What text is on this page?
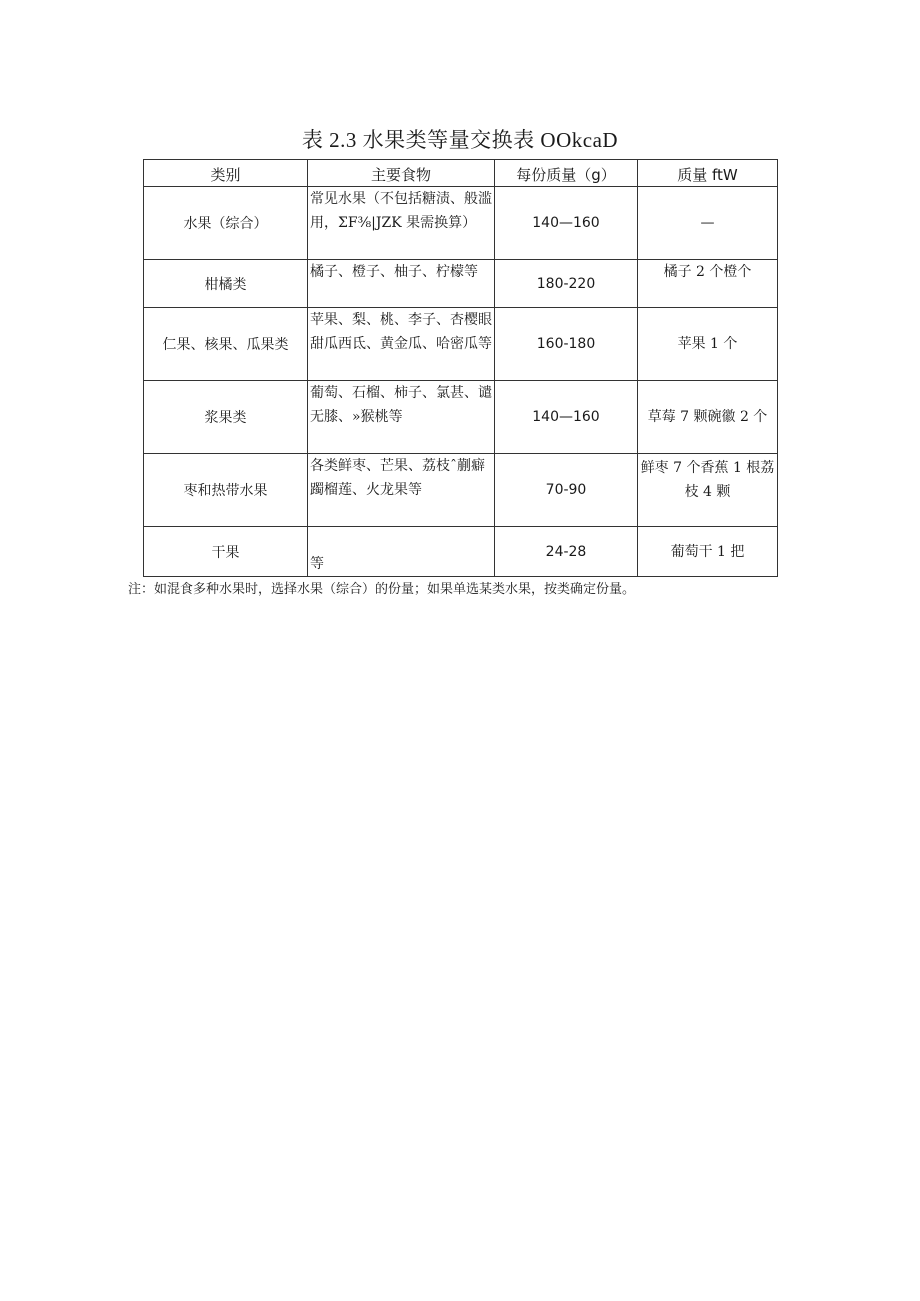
表 2.3 水果类等量交换表 OOkcaD
类别	主要食物	每份质量（g）	质量 ftW
水果（综合）	常见水果（不包括糖渍、般滥用，ΣF⅜|JZK 果需换算）	140—160	—
柑橘类	橘子、橙子、柚子、柠檬等	180-220	橘子 2 个橙个
仁果、核果、瓜果类	苹果、梨、桃、李子、杏樱眼甜瓜西氐、黄金瓜、哈密瓜等	160-180	苹果 1 个
浆果类	葡萄、石榴、柿子、氯甚、谴无膝、»猴桃等	140—160	草莓 7 颗碗徽 2 个
枣和热带水果	各类鲜枣、芒果、荔枝ˆ蒯癖躅榴莲、火龙果等	70-90	鲜枣 7 个香蕉 1 根荔枝 4 颗
干果	等	24-28	葡萄干 1 把
注：如混食多种水果时，选择水果（综合）的份量；如果单选某类水果，按类确定份量。
